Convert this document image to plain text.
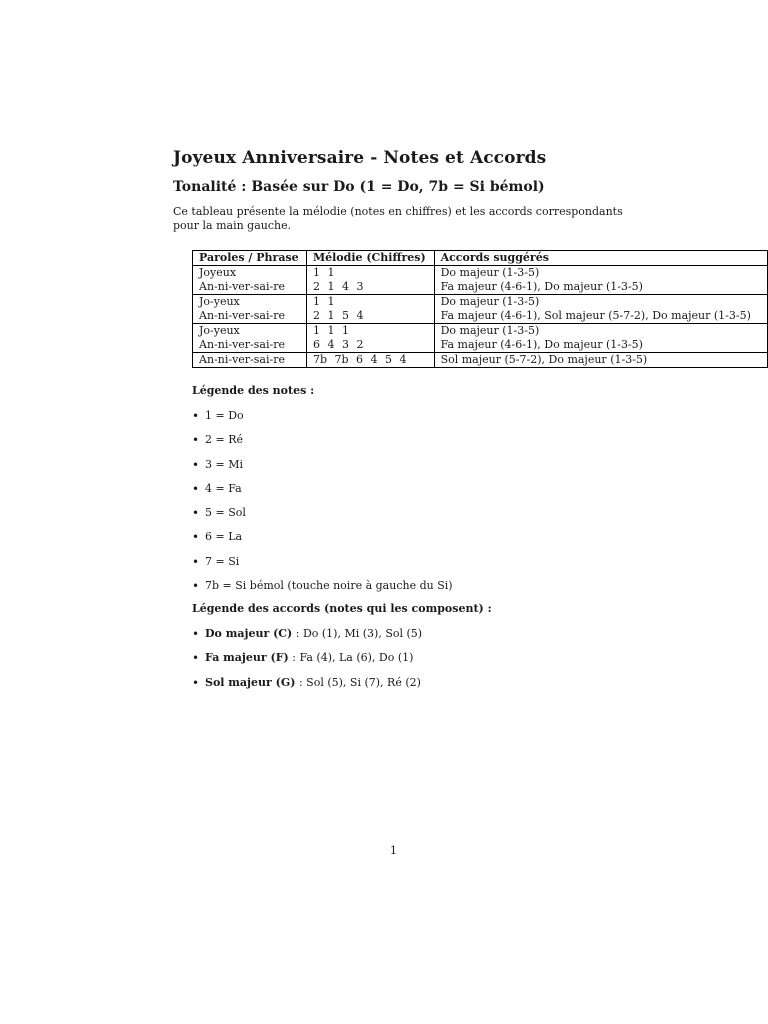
Joyeux Anniversaire - Notes et Accords
Tonalité : Basée sur Do (1 = Do, 7b = Si bémol)
Ce tableau présente la mélodie (notes en chiffres) et les accords correspondants pour la main gauche.
Paroles / Phrase	Mélodie (Chiffres)	Accords suggérés
Joyeux	1 1	Do majeur (1-3-5)
An-ni-ver-sai-re	2 1 4 3	Fa majeur (4-6-1), Do majeur (1-3-5)
Jo-yeux	1 1	Do majeur (1-3-5)
An-ni-ver-sai-re	2 1 5 4	Fa majeur (4-6-1), Sol majeur (5-7-2), Do majeur (1-3-5)
Jo-yeux	1 1 1	Do majeur (1-3-5)
An-ni-ver-sai-re	6 4 3 2	Fa majeur (4-6-1), Do majeur (1-3-5)
An-ni-ver-sai-re	7b 7b 6 4 5 4	Sol majeur (5-7-2), Do majeur (1-3-5)
Légende des notes :
• 1 = Do
• 2 = Ré
• 3 = Mi
• 4 = Fa
• 5 = Sol
• 6 = La
• 7 = Si
• 7b = Si bémol (touche noire à gauche du Si)
Légende des accords (notes qui les composent) :
• Do majeur (C) : Do (1), Mi (3), Sol (5)
• Fa majeur (F) : Fa (4), La (6), Do (1)
• Sol majeur (G) : Sol (5), Si (7), Ré (2)
1
